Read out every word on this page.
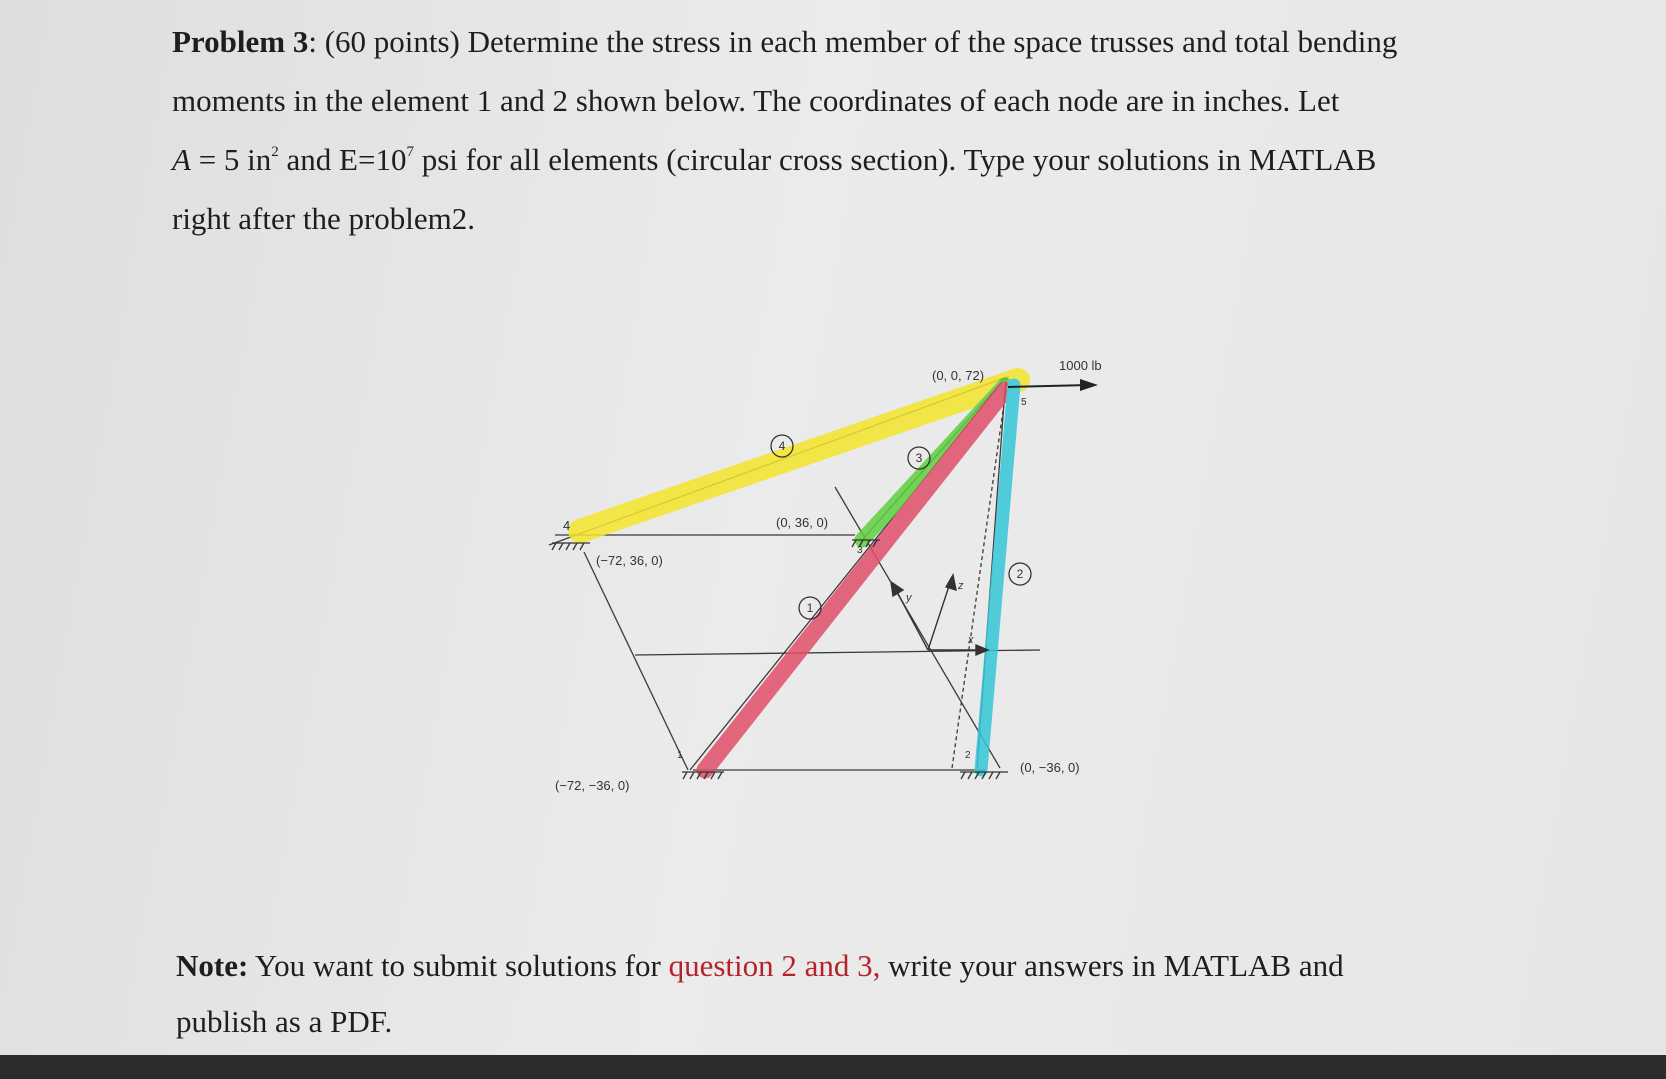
Problem 3: (60 points) Determine the stress in each member of the space trusses and total bending
moments in the element 1 and 2 shown below. The coordinates of each node are in inches. Let
A = 5 $in^2$ and $E=10^7$ psi for all elements (circular cross section). Type your solutions in MATLAB
right after the problem2.
(0, 0, 72)
(−72, 36, 0)
(0, 36, 0)
(−72, −36, 0)
(0, −36, 0)
1000 lb
4
3
1	2
5
y
z
x
4
3
1
2
Note: You want to submit solutions for question 2 and 3, write your answers in MATLAB and
publish as a PDF.
